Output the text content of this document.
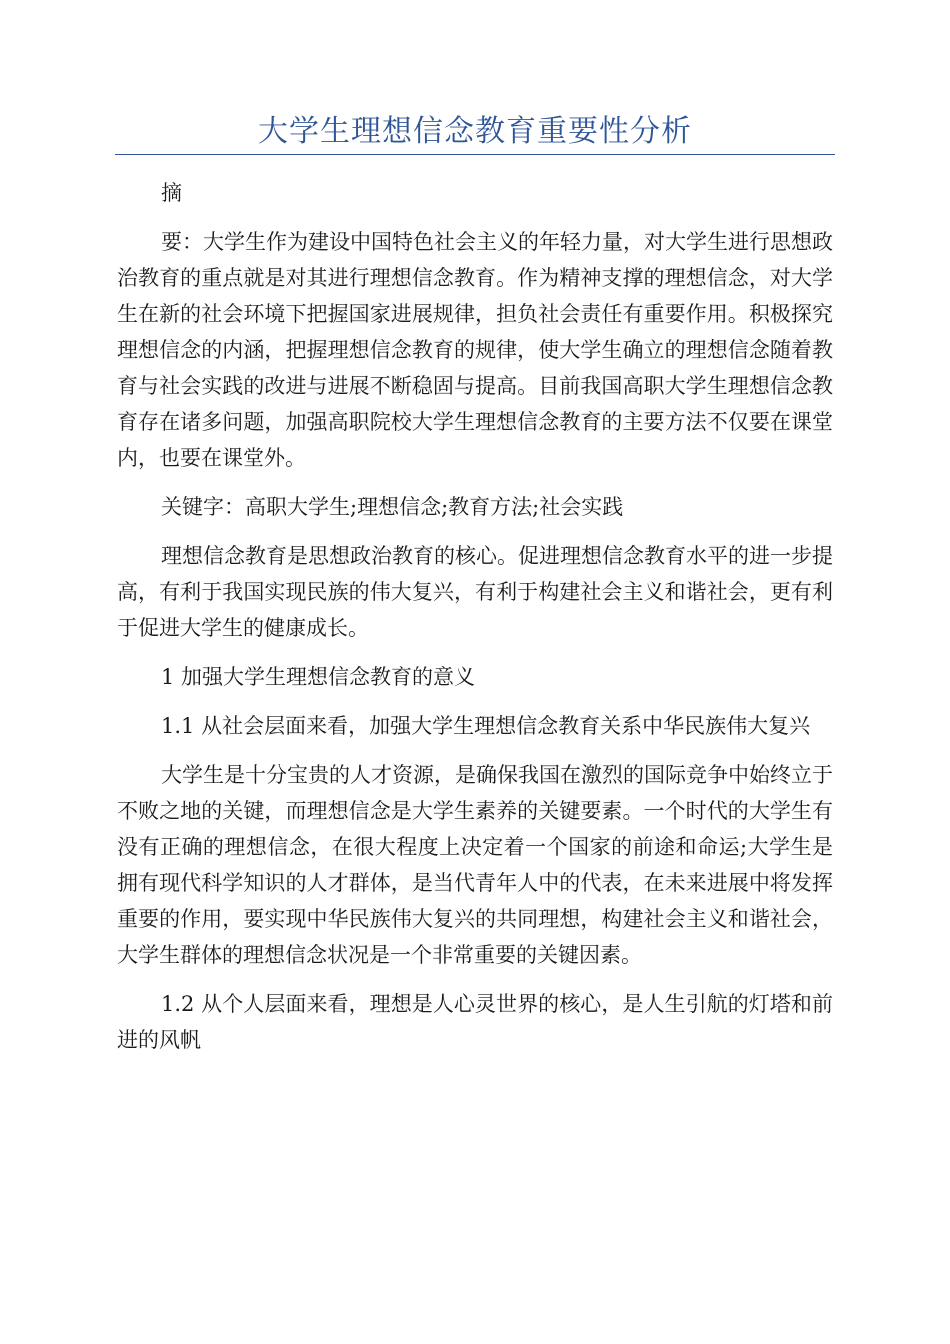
大学生理想信念教育重要性分析

摘

要：大学生作为建设中国特色社会主义的年轻力量，对大学生进行思想政治教育的重点就是对其进行理想信念教育。作为精神支撑的理想信念，对大学生在新的社会环境下把握国家进展规律，担负社会责任有重要作用。积极探究理想信念的内涵，把握理想信念教育的规律，使大学生确立的理想信念随着教育与社会实践的改进与进展不断稳固与提高。目前我国高职大学生理想信念教育存在诸多问题，加强高职院校大学生理想信念教育的主要方法不仅要在课堂内，也要在课堂外。

关键字：高职大学生;理想信念;教育方法;社会实践

理想信念教育是思想政治教育的核心。促进理想信念教育水平的进一步提高，有利于我国实现民族的伟大复兴，有利于构建社会主义和谐社会，更有利于促进大学生的健康成长。

1 加强大学生理想信念教育的意义

1.1 从社会层面来看，加强大学生理想信念教育关系中华民族伟大复兴

大学生是十分宝贵的人才资源，是确保我国在激烈的国际竞争中始终立于不败之地的关键，而理想信念是大学生素养的关键要素。一个时代的大学生有没有正确的理想信念，在很大程度上决定着一个国家的前途和命运;大学生是拥有现代科学知识的人才群体，是当代青年人中的代表，在未来进展中将发挥重要的作用，要实现中华民族伟大复兴的共同理想，构建社会主义和谐社会，大学生群体的理想信念状况是一个非常重要的关键因素。

1.2 从个人层面来看，理想是人心灵世界的核心，是人生引航的灯塔和前进的风帆
